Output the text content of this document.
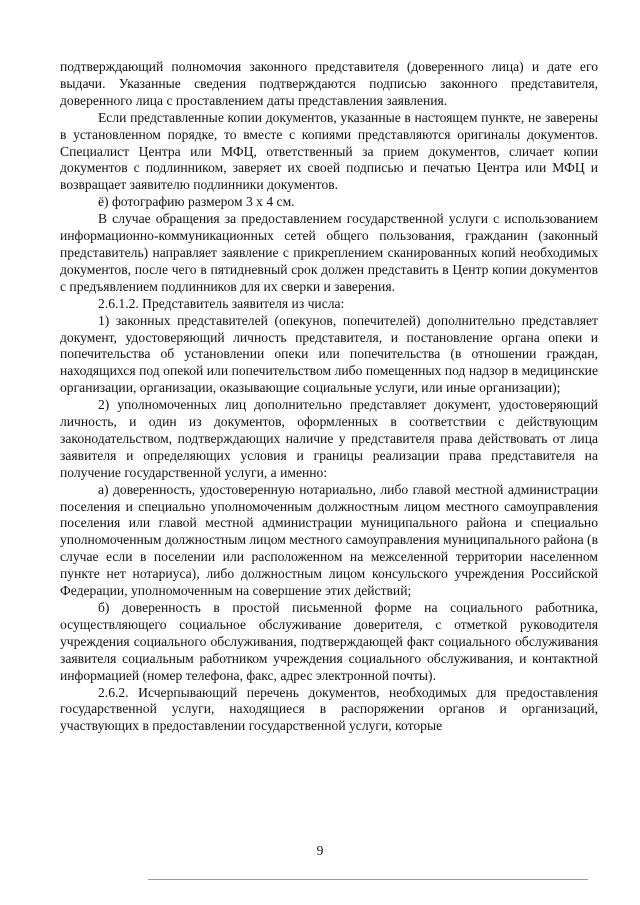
подтверждающий полномочия законного представителя (доверенного лица) и дате его выдачи. Указанные сведения подтверждаются подписью законного представителя, доверенного лица с проставлением даты представления заявления.

Если представленные копии документов, указанные в настоящем пункте, не заверены в установленном порядке, то вместе с копиями представляются оригиналы документов. Специалист Центра или МФЦ, ответственный за прием документов, сличает копии документов с подлинником, заверяет их своей подписью и печатью Центра или МФЦ и возвращает заявителю подлинники документов.

ё) фотографию размером 3 х 4 см.

В случае обращения за предоставлением государственной услуги с использованием информационно-коммуникационных сетей общего пользования, гражданин (законный представитель) направляет заявление с прикреплением сканированных копий необходимых документов, после чего в пятидневный срок должен представить в Центр копии документов с предъявлением подлинников для их сверки и заверения.

2.6.1.2. Представитель заявителя из числа:

1) законных представителей (опекунов, попечителей) дополнительно представляет документ, удостоверяющий личность представителя, и постановление органа опеки и попечительства об установлении опеки или попечительства (в отношении граждан, находящихся под опекой или попечительством либо помещенных под надзор в медицинские организации, организации, оказывающие социальные услуги, или иные организации);

2) уполномоченных лиц дополнительно представляет документ, удостоверяющий личность, и один из документов, оформленных в соответствии с действующим законодательством, подтверждающих наличие у представителя права действовать от лица заявителя и определяющих условия и границы реализации права представителя на получение государственной услуги, а именно:

а) доверенность, удостоверенную нотариально, либо главой местной администрации поселения и специально уполномоченным должностным лицом местного самоуправления поселения или главой местной администрации муниципального района и специально уполномоченным должностным лицом местного самоуправления муниципального района (в случае если в поселении или расположенном на межселенной территории населенном пункте нет нотариуса), либо должностным лицом консульского учреждения Российской Федерации, уполномоченным на совершение этих действий;

б) доверенность в простой письменной форме на социального работника, осуществляющего социальное обслуживание доверителя, с отметкой руководителя учреждения социального обслуживания, подтверждающей факт социального обслуживания заявителя социальным работником учреждения социального обслуживания, и контактной информацией (номер телефона, факс, адрес электронной почты).

2.6.2. Исчерпывающий перечень документов, необходимых для предоставления государственной услуги, находящиеся в распоряжении органов и организаций, участвующих в предоставлении государственной услуги, которые

9
